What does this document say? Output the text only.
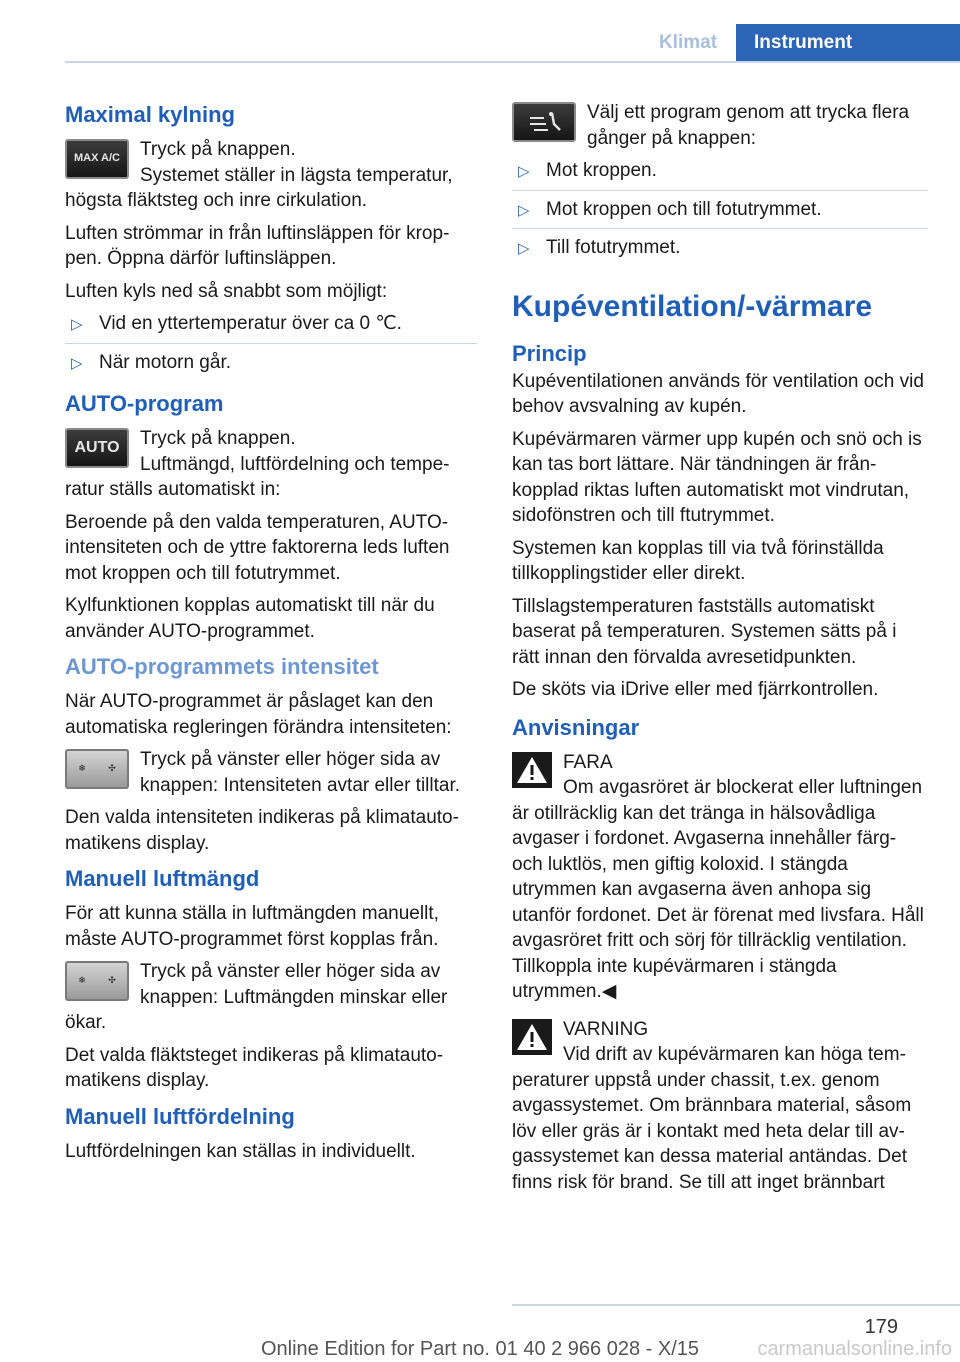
Klimat	Instrument
Maximal kylning
MAX A/C	Tryck på knappen.
Systemet ställer in lägsta temperatur, högsta fläktsteg och inre cirkulation.

Luften strömmar in från luftinsläppen för kroppen. Öppna därför luftinsläppen.

Luften kyls ned så snabbt som möjligt:

▷ Vid en yttertemperatur över ca 0 ℃.
▷ När motorn går.
AUTO-program
AUTO	Tryck på knappen.
Luftmängd, luftfördelning och temperatur ställs automatiskt in:

Beroende på den valda temperaturen, AUTO-intensiteten och de yttre faktorerna leds luften mot kroppen och till fotutrymmet.

Kylfunktionen kopplas automatiskt till när du använder AUTO-programmet.

AUTO-programmets intensitet

När AUTO-programmet är påslaget kan den automatiska regleringen förändra intensiteten:

❄ ✣	Tryck på vänster eller höger sida av knappen: Intensiteten avtar eller tilltar.

Den valda intensiteten indikeras på klimatautomatikens display.

Manuell luftmängd

För att kunna ställa in luftmängden manuellt, måste AUTO-programmet först kopplas från.

❄ ✣	Tryck på vänster eller höger sida av knappen: Luftmängden minskar eller ökar.

Det valda fläktsteget indikeras på klimatautomatikens display.

Manuell luftfördelning

Luftfördelningen kan ställas in individuellt.

Välj ett program genom att trycka flera gånger på knappen:
▷ Mot kroppen.
▷ Mot kroppen och till fotutrymmet.
▷ Till fotutrymmet.
Kupéventilation/-värmare
Princip

Kupéventilationen används för ventilation och vid behov avsvalning av kupén.

Kupévärmaren värmer upp kupén och snö och is kan tas bort lättare. När tändningen är frånkopplad riktas luften automatiskt mot vindrutan, sidofönstren och till ftutrymmet.

Systemen kan kopplas till via två förinställda tillkopplingstider eller direkt.

Tillslagstemperaturen fastställs automatiskt baserat på temperaturen. Systemen sätts på i rätt innan den förvalda avresetidpunkten.

De sköts via iDrive eller med fjärrkontrollen.

Anvisningar
FARA
Om avgasröret är blockerat eller luftningen är otillräcklig kan det tränga in hälsovådliga avgaser i fordonet. Avgaserna innehåller färg- och luktlös, men giftig koloxid. I stängda utrymmen kan avgaserna även anhopa sig utanför fordonet. Det är förenat med livsfara. Håll avgasröret fritt och sörj för tillräcklig ventilation. Tillkoppla inte kupévärmaren i stängda utrymmen.◀
VARNING
Vid drift av kupévärmaren kan höga temperaturer uppstå under chassit, t.ex. genom avgassystemet. Om brännbara material, såsom löv eller gräs är i kontakt med heta delar till avgassystemet kan dessa material antändas. Det finns risk för brand. Se till att inget brännbart
179
Online Edition for Part no. 01 40 2 966 028 - X/15	carmanualsonline.info
